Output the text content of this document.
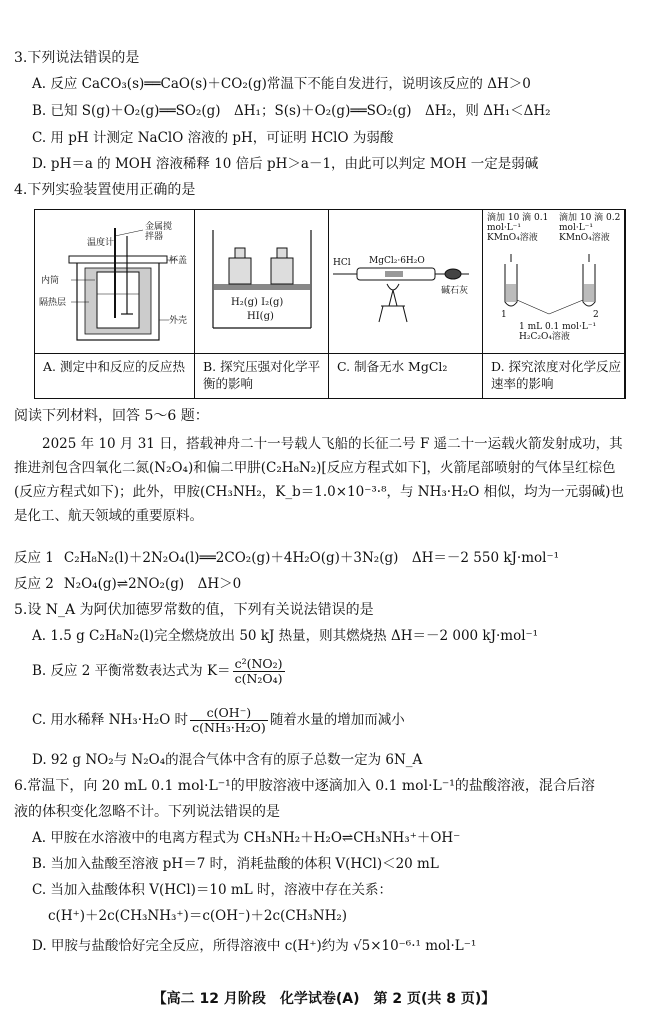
3.下列说法错误的是
A. 反应 CaCO₃(s)══CaO(s)＋CO₂(g)常温下不能自发进行，说明该反应的 ΔH＞0
B. 已知 S(g)＋O₂(g)══SO₂(g)　ΔH₁；S(s)＋O₂(g)══SO₂(g)　ΔH₂，则 ΔH₁＜ΔH₂
C. 用 pH 计测定 NaClO 溶液的 pH，可证明 HClO 为弱酸
D. pH＝a 的 MOH 溶液稀释 10 倍后 pH＞a－1，由此可以判定 MOH 一定是弱碱
4.下列实验装置使用正确的是
温度计
金属搅拌器
杯盖
内筒
隔热层
外壳
A. 测定中和反应的反应热
H₂(g) I₂(g)
HI(g)
B. 探究压强对化学平衡的影响
HCl MgCl₂·6H₂O
碱石灰
C. 制备无水 MgCl₂
滴加 10 滴 0.1 mol·L⁻¹ KMnO₄溶液
滴加 10 滴 0.2 mol·L⁻¹ KMnO₄溶液
1	2
1 mL 0.1 mol·L⁻¹ H₂C₂O₄溶液
D. 探究浓度对化学反应速率的影响
阅读下列材料，回答 5～6 题：
2025 年 10 月 31 日，搭载神舟二十一号载人飞船的长征二号 F 遥二十一运载火箭发射成功，其推进剂包含四氧化二氮(N₂O₄)和偏二甲肼(C₂H₈N₂)[反应方程式如下]，火箭尾部喷射的气体呈红棕色(反应方程式如下)；此外，甲胺(CH₃NH₂，K_b＝1.0×10⁻³·⁸，与 NH₃·H₂O 相似，均为一元弱碱)也是化工、航天领域的重要原料。
反应 1 C₂H₈N₂(l)＋2N₂O₄(l)══2CO₂(g)＋4H₂O(g)＋3N₂(g)　ΔH＝－2 550 kJ·mol⁻¹
反应 2 N₂O₄(g)⇌2NO₂(g)　ΔH＞0
5.设 N_A 为阿伏加德罗常数的值，下列有关说法错误的是
A. 1.5 g C₂H₈N₂(l)完全燃烧放出 50 kJ 热量，则其燃烧热 ΔH＝－2 000 kJ·mol⁻¹
B. 反应 2 平衡常数表达式为 $K= \frac{\text{c²(NO₂)}}{\text{c(N₂O₄)}}$
C. 用水稀释 NH₃·H₂O 时 $\frac{c(OH^-)}{\text{c(NH₃·H₂O)}}$ 随着水量的增加而减小
D. 92 g NO₂与 N₂O₄的混合气体中含有的原子总数一定为 6N_A
6.常温下，向 20 mL 0.1 mol·L⁻¹的甲胺溶液中逐滴加入 0.1 mol·L⁻¹的盐酸溶液，混合后溶
液的体积变化忽略不计。下列说法错误的是
A. 甲胺在水溶液中的电离方程式为 CH₃NH₂＋H₂O⇌CH₃NH₃⁺＋OH⁻
B. 当加入盐酸至溶液 pH＝7 时，消耗盐酸的体积 V(HCl)＜20 mL
C. 当加入盐酸体积 V(HCl)＝10 mL 时，溶液中存在关系：
c(H⁺)＋2c(CH₃NH₃⁺)＝c(OH⁻)＋2c(CH₃NH₂)
D. 甲胺与盐酸恰好完全反应，所得溶液中 c(H⁺)约为 √5×10⁻⁶·¹ mol·L⁻¹
【高二 12 月阶段　化学试卷(A)　第 2 页(共 8 页)】
